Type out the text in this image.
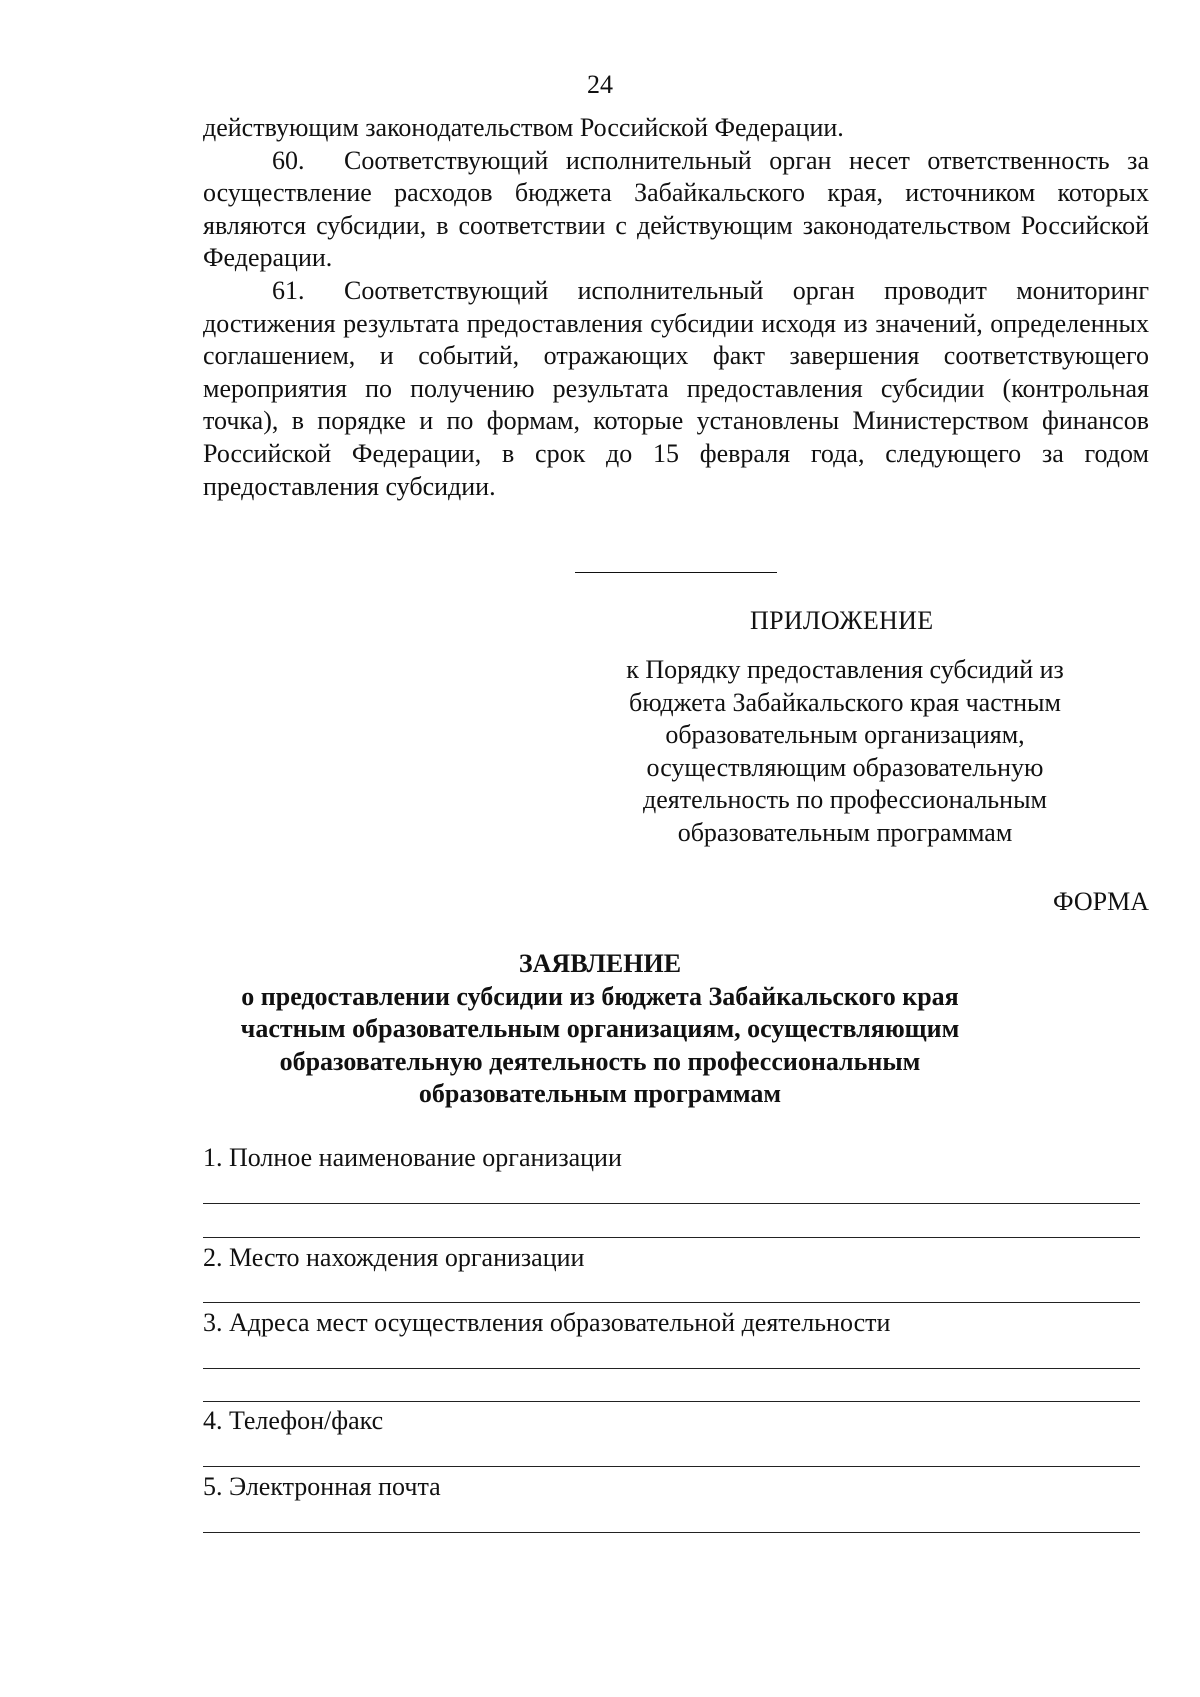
24

действующим законодательством Российской Федерации.

60. Соответствующий исполнительный орган несет ответственность за осуществление расходов бюджета Забайкальского края, источником которых являются субсидии, в соответствии с действующим законодательством Российской Федерации.

61. Соответствующий исполнительный орган проводит мониторинг достижения результата предоставления субсидии исходя из значений, определенных соглашением, и событий, отражающих факт завершения соответствующего мероприятия по получению результата предоставления субсидии (контрольная точка), в порядке и по формам, которые установлены Министерством финансов Российской Федерации, в срок до 15 февраля года, следующего за годом предоставления субсидии.

ПРИЛОЖЕНИЕ
к Порядку предоставления субсидий из
бюджета Забайкальского края частным
образовательным организациям,
осуществляющим образовательную
деятельность по профессиональным
образовательным программам
ФОРМА
ЗАЯВЛЕНИЕ
о предоставлении субсидии из бюджета Забайкальского края
частным образовательным организациям, осуществляющим
образовательную деятельность по профессиональным
образовательным программам
1. Полное наименование организации
2. Место нахождения организации
3. Адреса мест осуществления образовательной деятельности
4. Телефон/факс
5. Электронная почта
